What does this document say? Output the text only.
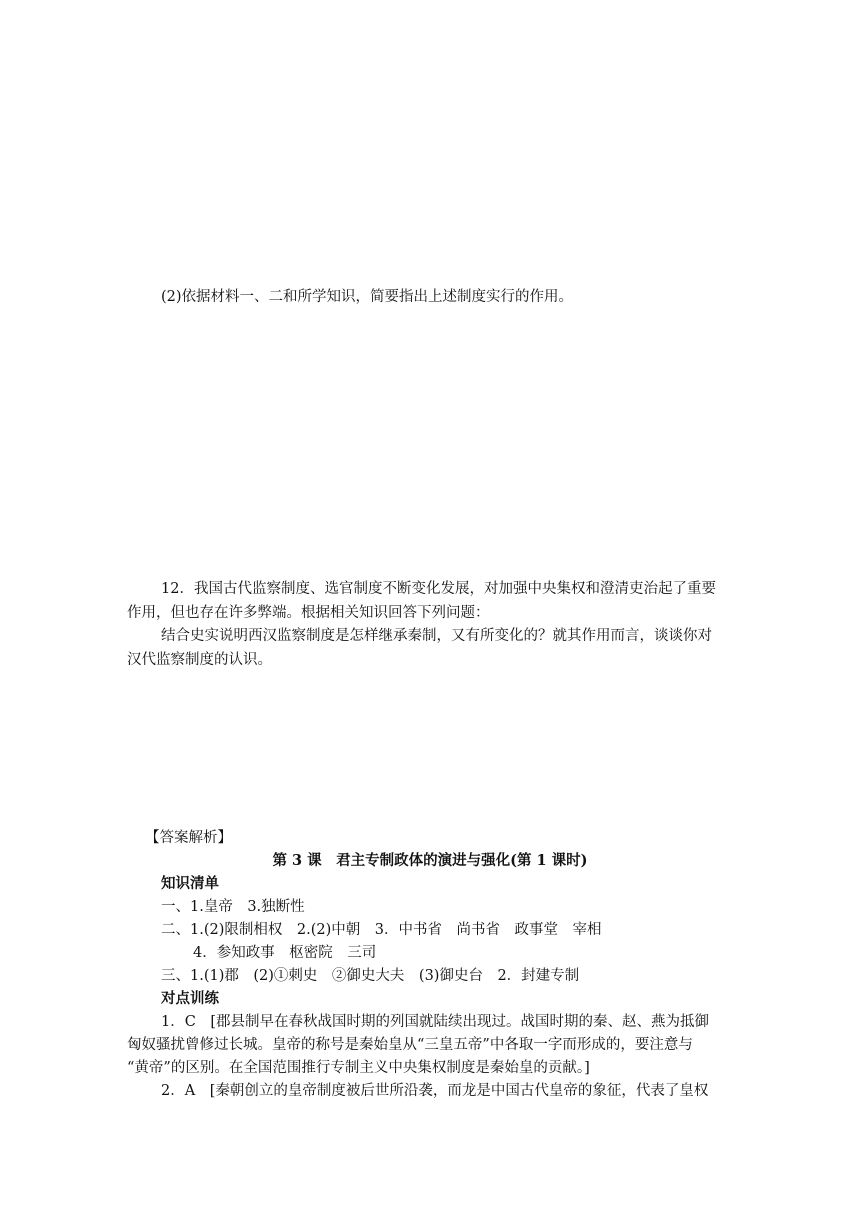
(2)依据材料一、二和所学知识，简要指出上述制度实行的作用。
12．我国古代监察制度、选官制度不断变化发展，对加强中央集权和澄清吏治起了重要
作用，但也存在许多弊端。根据相关知识回答下列问题：
结合史实说明西汉监察制度是怎样继承秦制，又有所变化的？就其作用而言，谈谈你对
汉代监察制度的认识。
【答案解析】
第 3 课　君主专制政体的演进与强化(第 1 课时)
知识清单
一、1.皇帝　3.独断性
二、1.(2)限制相权　2.(2)中朝　3．中书省　尚书省　政事堂　宰相
4．参知政事　枢密院　三司
三、1.(1)郡　(2)①刺史　②御史大夫　(3)御史台　2．封建专制
对点训练
1．C　[郡县制早在春秋战国时期的列国就陆续出现过。战国时期的秦、赵、燕为抵御
匈奴骚扰曾修过长城。皇帝的称号是秦始皇从“三皇五帝”中各取一字而形成的，要注意与
“黄帝”的区别。在全国范围推行专制主义中央集权制度是秦始皇的贡献。]
2．A　[秦朝创立的皇帝制度被后世所沿袭，而龙是中国古代皇帝的象征，代表了皇权
